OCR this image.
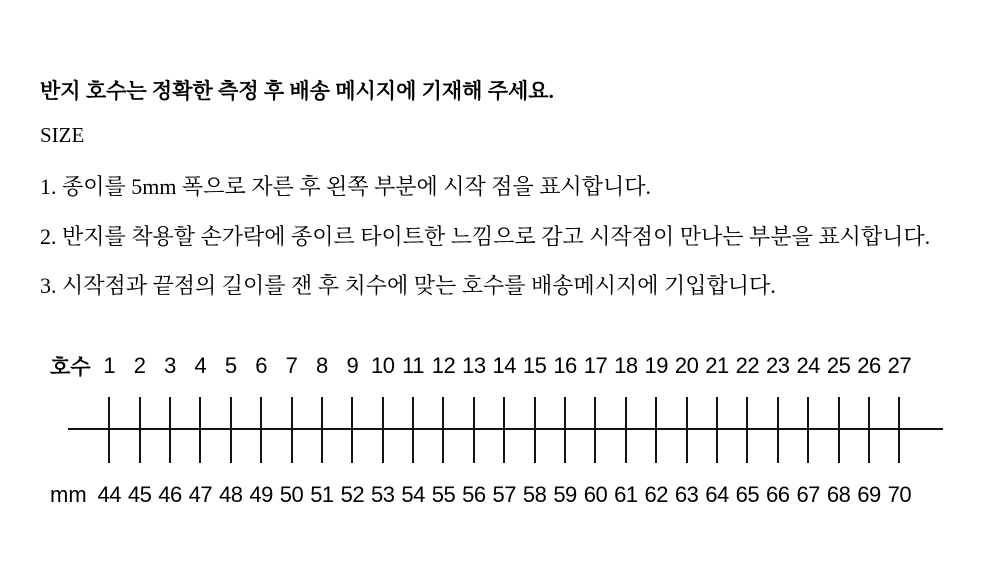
반지 호수는 정확한 측정 후 배송 메시지에 기재해 주세요.

SIZE

1. 종이를 5mm 폭으로 자른 후 왼쪽 부분에 시작 점을 표시합니다.

2. 반지를 착용할 손가락에 종이르 타이트한 느낌으로 감고 시작점이 만나는 부분을 표시합니다.

3. 시작점과 끝점의 길이를 잰 후 치수에 맞는 호수를 배송메시지에 기입합니다.

호수 1 2 3 4 5 6 7 8 9 10 11 12 13 14 15 16 17 18 19 20 21 22 23 24 25 26 27
mm 44 45 46 47 48 49 50 51 52 53 54 55 56 57 58 59 60 61 62 63 64 65 66 67 68 69 70
